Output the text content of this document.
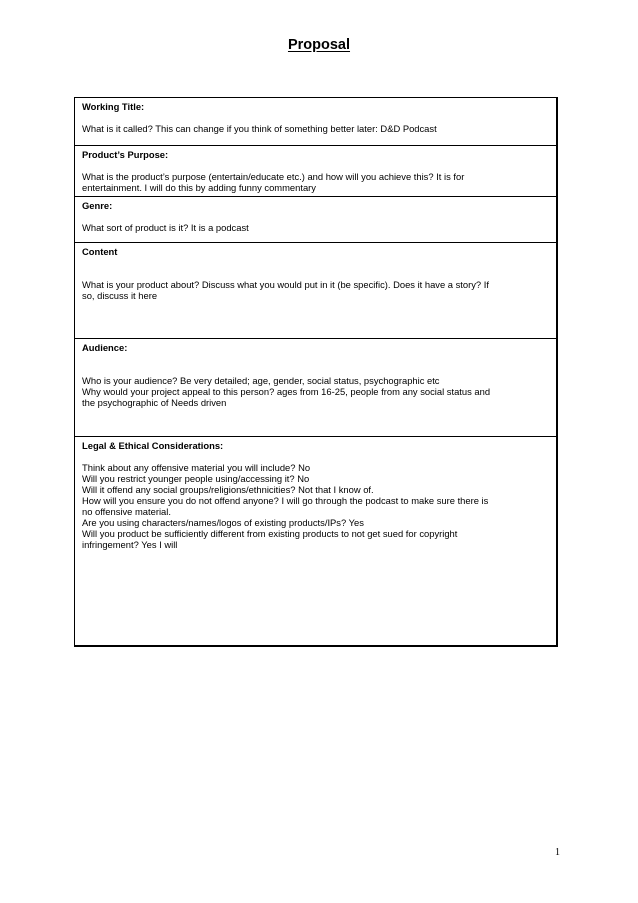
Proposal
Working Title:
What is it called? This can change if you think of something better later: D&D Podcast
Product’s Purpose:
What is the product’s purpose (entertain/educate etc.) and how will you achieve this? It is for
entertainment. I will do this by adding funny commentary
Genre:
What sort of product is it? It is a podcast
Content
What is your product about? Discuss what you would put in it (be specific). Does it have a story? If
so, discuss it here
Audience:
Who is your audience? Be very detailed; age, gender, social status, psychographic etc
Why would your project appeal to this person? ages from 16-25, people from any social status and
the psychographic of Needs driven
Legal & Ethical Considerations:
Think about any offensive material you will include? No
Will you restrict younger people using/accessing it? No
Will it offend any social groups/religions/ethnicities? Not that I know of.
How will you ensure you do not offend anyone? I will go through the podcast to make sure there is
no offensive material.
Are you using characters/names/logos of existing products/IPs? Yes
Will you product be sufficiently different from existing products to not get sued for copyright
infringement? Yes I will
1
